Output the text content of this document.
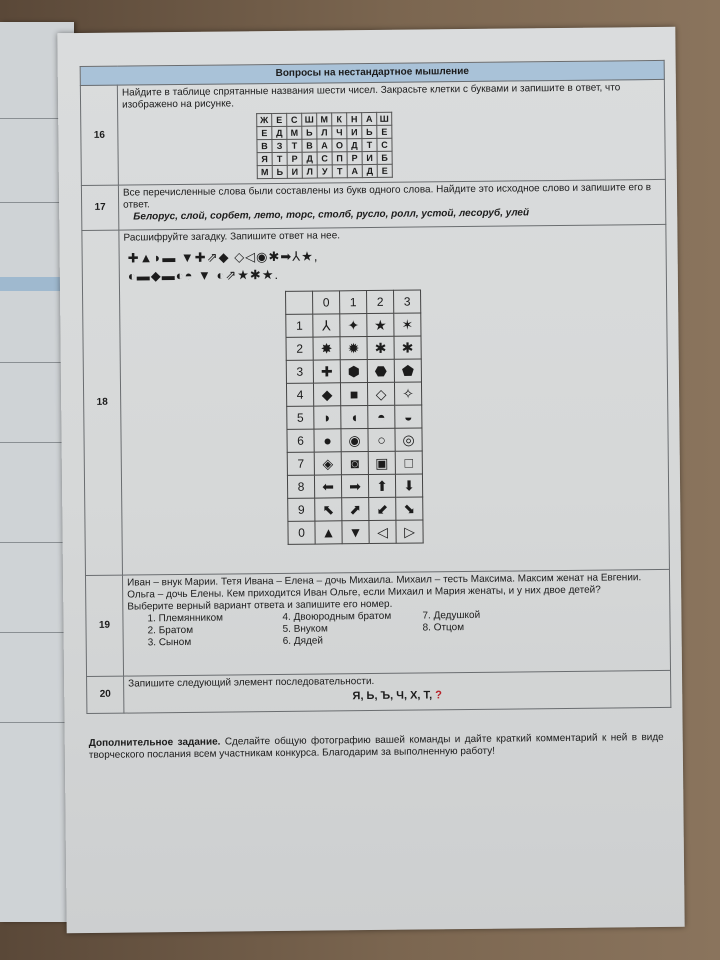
Вопросы на нестандартное мышление
16	
Найдите в таблице спрятанные названия шести чисел. Закрасьте клетки с буквами и запишите в ответ, что изображено на рисунке.
Ж	Е	С	Ш	М	К	Н	А	Ш
Е	Д	М	Ь	Л	Ч	И	Ь	Е
В	З	Т	В	А	О	Д	Т	С
Я	Т	Р	Д	С	П	Р	И	Б
М	Ь	И	Л	У	Т	А	Д	Е

17	
Все перечисленные слова были составлены из букв одного слова. Найдите это исходное слово и запишите его в ответ.
Белорус, слой, сорбет, лето, торс, столб, русло, ролл, устой, лесоруб, улей

18	
Расшифруйте загадку. Запишите ответ на нее.
✚▲◗▬ ▼✚⇗◆ ◇◁◉✱➡⅄★,
◐▬◆▬◐◓ ▼ ◐⇗★✱★.
	0	1	2	3
1	⅄	✦	★	✶
2	✸	✹	✱	✱
3	✚	⬢	⬣	⬟
4	◆	■	◇	✧
5	◗	◖	◓	◒
6	●	◉	○	◎
7	◈	◙	▣	□
8	⬅	➡	⬆	⬇
9	⬉	⬈	⬋	⬊
0	▲	▼	◁	▷

19	
Иван – внук Марии. Тетя Ивана – Елена – дочь Михаила. Михаил – тесть Максима. Максим женат на Евгении. Ольга – дочь Елены. Кем приходится Иван Ольге, если Михаил и Мария женаты, и у них двое детей?
Выберите верный вариант ответа и запишите его номер.
1. Племянником	4. Двоюродным братом	7. Дедушкой
2. Братом	5. Внуком	8. Отцом
3. Сыном	6. Дядей

20	
Запишите следующий элемент последовательности.
Я, Ь, Ъ, Ч, Х, Т, ?
Дополнительное задание. Сделайте общую фотографию вашей команды и дайте краткий комментарий к ней в виде творческого послания всем участникам конкурса. Благодарим за выполненную работу!
